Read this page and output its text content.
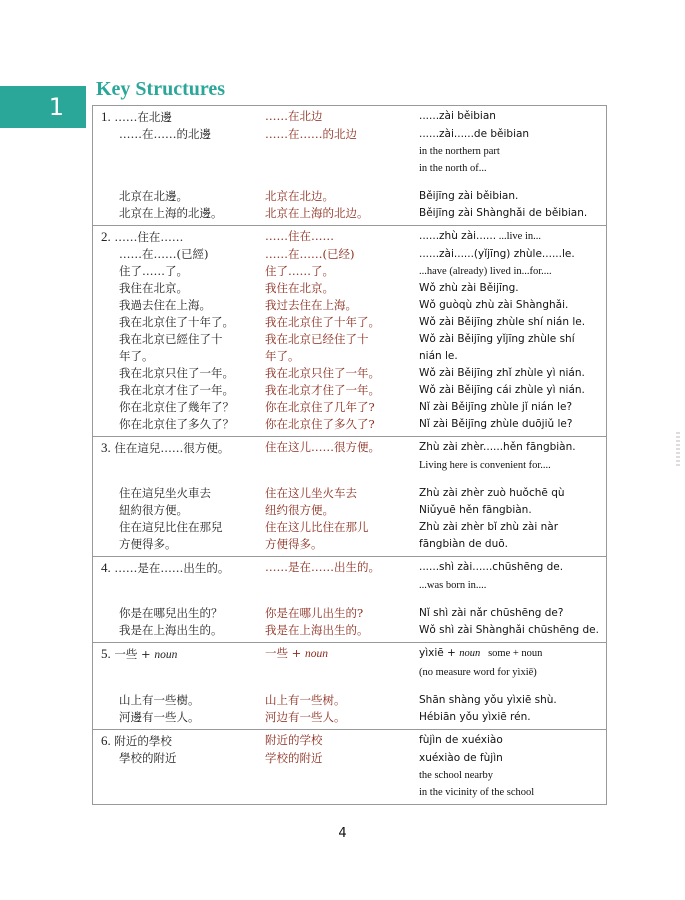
1
Key Structures
1. ……在北邊	……在北边	......zài běibian
……在……的北邊	……在……的北边	......zài......de běibian
in the northern part
in the north of...
北京在北邊。	北京在北边。	Běijīng zài běibian.
北京在上海的北邊。	北京在上海的北边。	Běijīng zài Shànghǎi de běibian.
2. ……住在……	……住在……	......zhù zài...... ...live in...
……在……(已經)	……在……(已经)	......zài......(yǐjīng) zhùle......le.
住了……了。	住了……了。	...have (already) lived in...for....
我住在北京。	我住在北京。	Wǒ zhù zài Běijīng.
我過去住在上海。	我过去住在上海。	Wǒ guòqù zhù zài Shànghǎi.
我在北京住了十年了。	我在北京住了十年了。	Wǒ zài Běijīng zhùle shí nián le.
我在北京已經住了十	我在北京已经住了十	Wǒ zài Běijīng yǐjīng zhùle shí
年了。	年了。	nián le.
我在北京只住了一年。	我在北京只住了一年。	Wǒ zài Běijīng zhǐ zhùle yì nián.
我在北京才住了一年。	我在北京才住了一年。	Wǒ zài Běijīng cái zhùle yì nián.
你在北京住了幾年了？	你在北京住了几年了?	Nǐ zài Běijīng zhùle jǐ nián le?
你在北京住了多久了？	你在北京住了多久了?	Nǐ zài Běijīng zhùle duōjiǔ le?
3. 住在這兒……很方便。	住在这儿……很方便。	Zhù zài zhèr......hěn fāngbiàn.
Living here is convenient for....
住在這兒坐火車去	住在这儿坐火车去	Zhù zài zhèr zuò huǒchē qù
紐約很方便。	纽约很方便。	Niǔyuē hěn fāngbiàn.
住在這兒比住在那兒	住在这儿比住在那儿	Zhù zài zhèr bǐ zhù zài nàr
方便得多。	方便得多。	fāngbiàn de duō.
4. ……是在……出生的。	……是在……出生的。	......shì zài......chūshēng de.
...was born in....
你是在哪兒出生的？	你是在哪儿出生的?	Nǐ shì zài nǎr chūshēng de?
我是在上海出生的。	我是在上海出生的。	Wǒ shì zài Shànghǎi chūshēng de.
5. 一些 + noun	一些 + noun	yìxiē + noun   some + noun
(no measure word for yìxiē)
山上有一些樹。	山上有一些树。	Shān shàng yǒu yìxiē shù.
河邊有一些人。	河边有一些人。	Hébiān yǒu yìxiē rén.
6. 附近的學校	附近的学校	fùjìn de xuéxiào
學校的附近	学校的附近	xuéxiào de fùjìn
the school nearby
in the vicinity of the school
4
